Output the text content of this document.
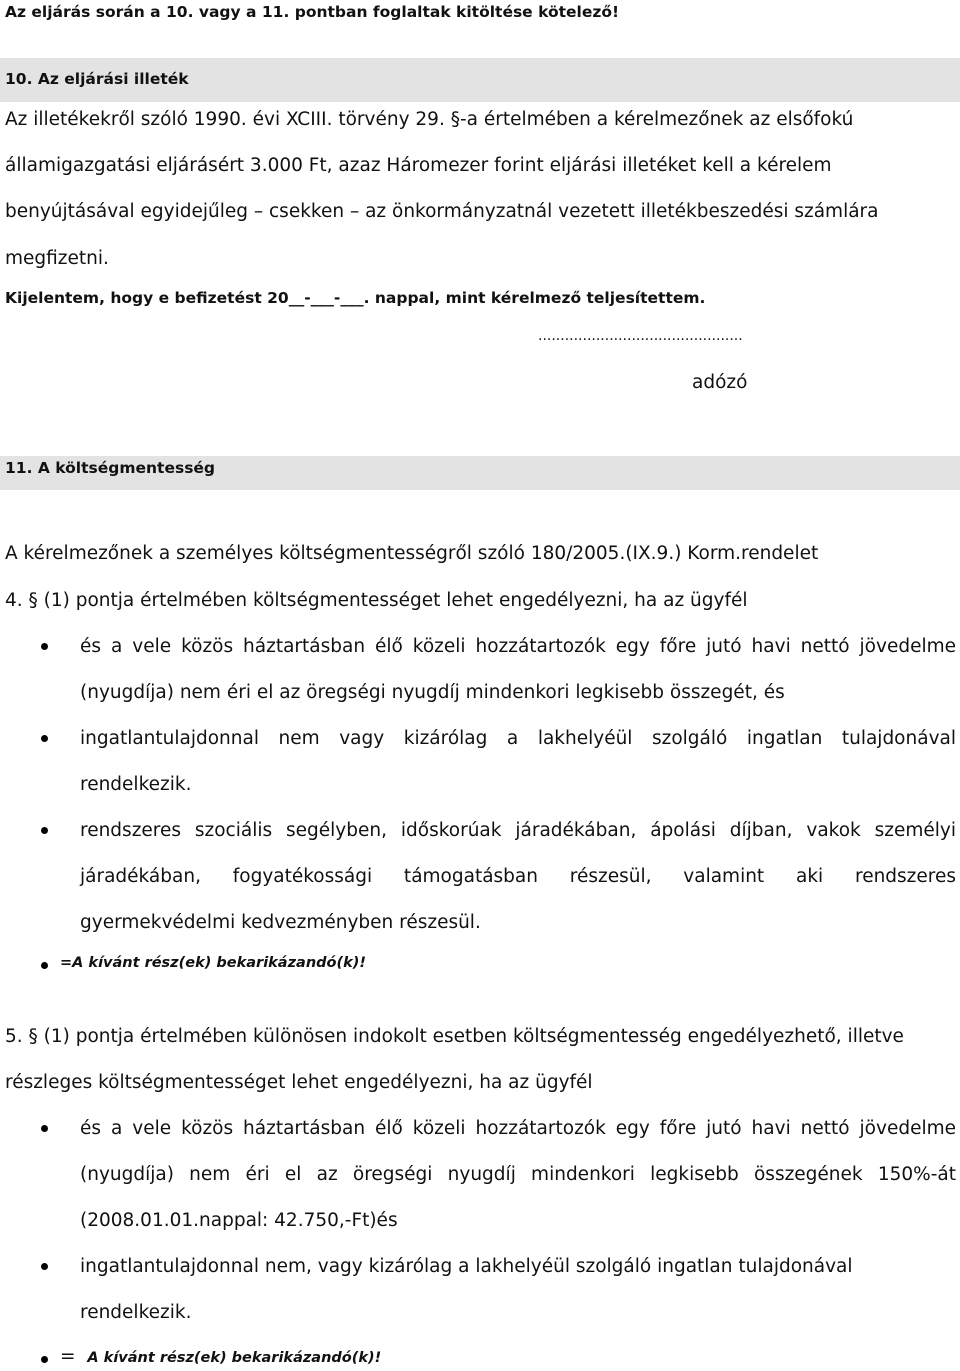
Az eljárás során a 10. vagy a 11. pontban foglaltak kitöltése kötelező!
10. Az eljárási illeték
Az illetékekről szóló 1990. évi XCIII. törvény 29. §-a értelmében a kérelmezőnek az elsőfokú
államigazgatási eljárásért 3.000 Ft, azaz Háromezer forint eljárási illetéket kell a kérelem
benyújtásával egyidejűleg – csekken – az önkormányzatnál vezetett illetékbeszedési számlára
megfizetni.
Kijelentem, hogy e befizetést 20__-___-___. nappal, mint kérelmező teljesítettem.
..............................................
adózó
11. A költségmentesség
A kérelmezőnek a személyes költségmentességről szóló 180/2005.(IX.9.) Korm.rendelet
4. § (1) pontja értelmében költségmentességet lehet engedélyezni, ha az ügyfél
és a vele közös háztartásban élő közeli hozzátartozók egy főre jutó havi nettó jövedelme
(nyugdíja) nem éri el az öregségi nyugdíj mindenkori legkisebb összegét, és
ingatlantulajdonnal nem vagy kizárólag a lakhelyéül szolgáló ingatlan tulajdonával
rendelkezik.
rendszeres szociális segélyben, időskorúak járadékában, ápolási díjban, vakok személyi
járadékában, fogyatékossági támogatásban részesül, valamint aki rendszeres
gyermekvédelmi kedvezményben részesül.
=A kívánt rész(ek) bekarikázandó(k)!
5. § (1) pontja értelmében különösen indokolt esetben költségmentesség engedélyezhető, illetve
részleges költségmentességet lehet engedélyezni, ha az ügyfél
és a vele közös háztartásban élő közeli hozzátartozók egy főre jutó havi nettó jövedelme
(nyugdíja) nem éri el az öregségi nyugdíj mindenkori legkisebb összegének 150%-át
(2008.01.01.nappal: 42.750,-Ft)és
ingatlantulajdonnal nem, vagy kizárólag a lakhelyéül szolgáló ingatlan tulajdonával
rendelkezik.
= A kívánt rész(ek) bekarikázandó(k)!
